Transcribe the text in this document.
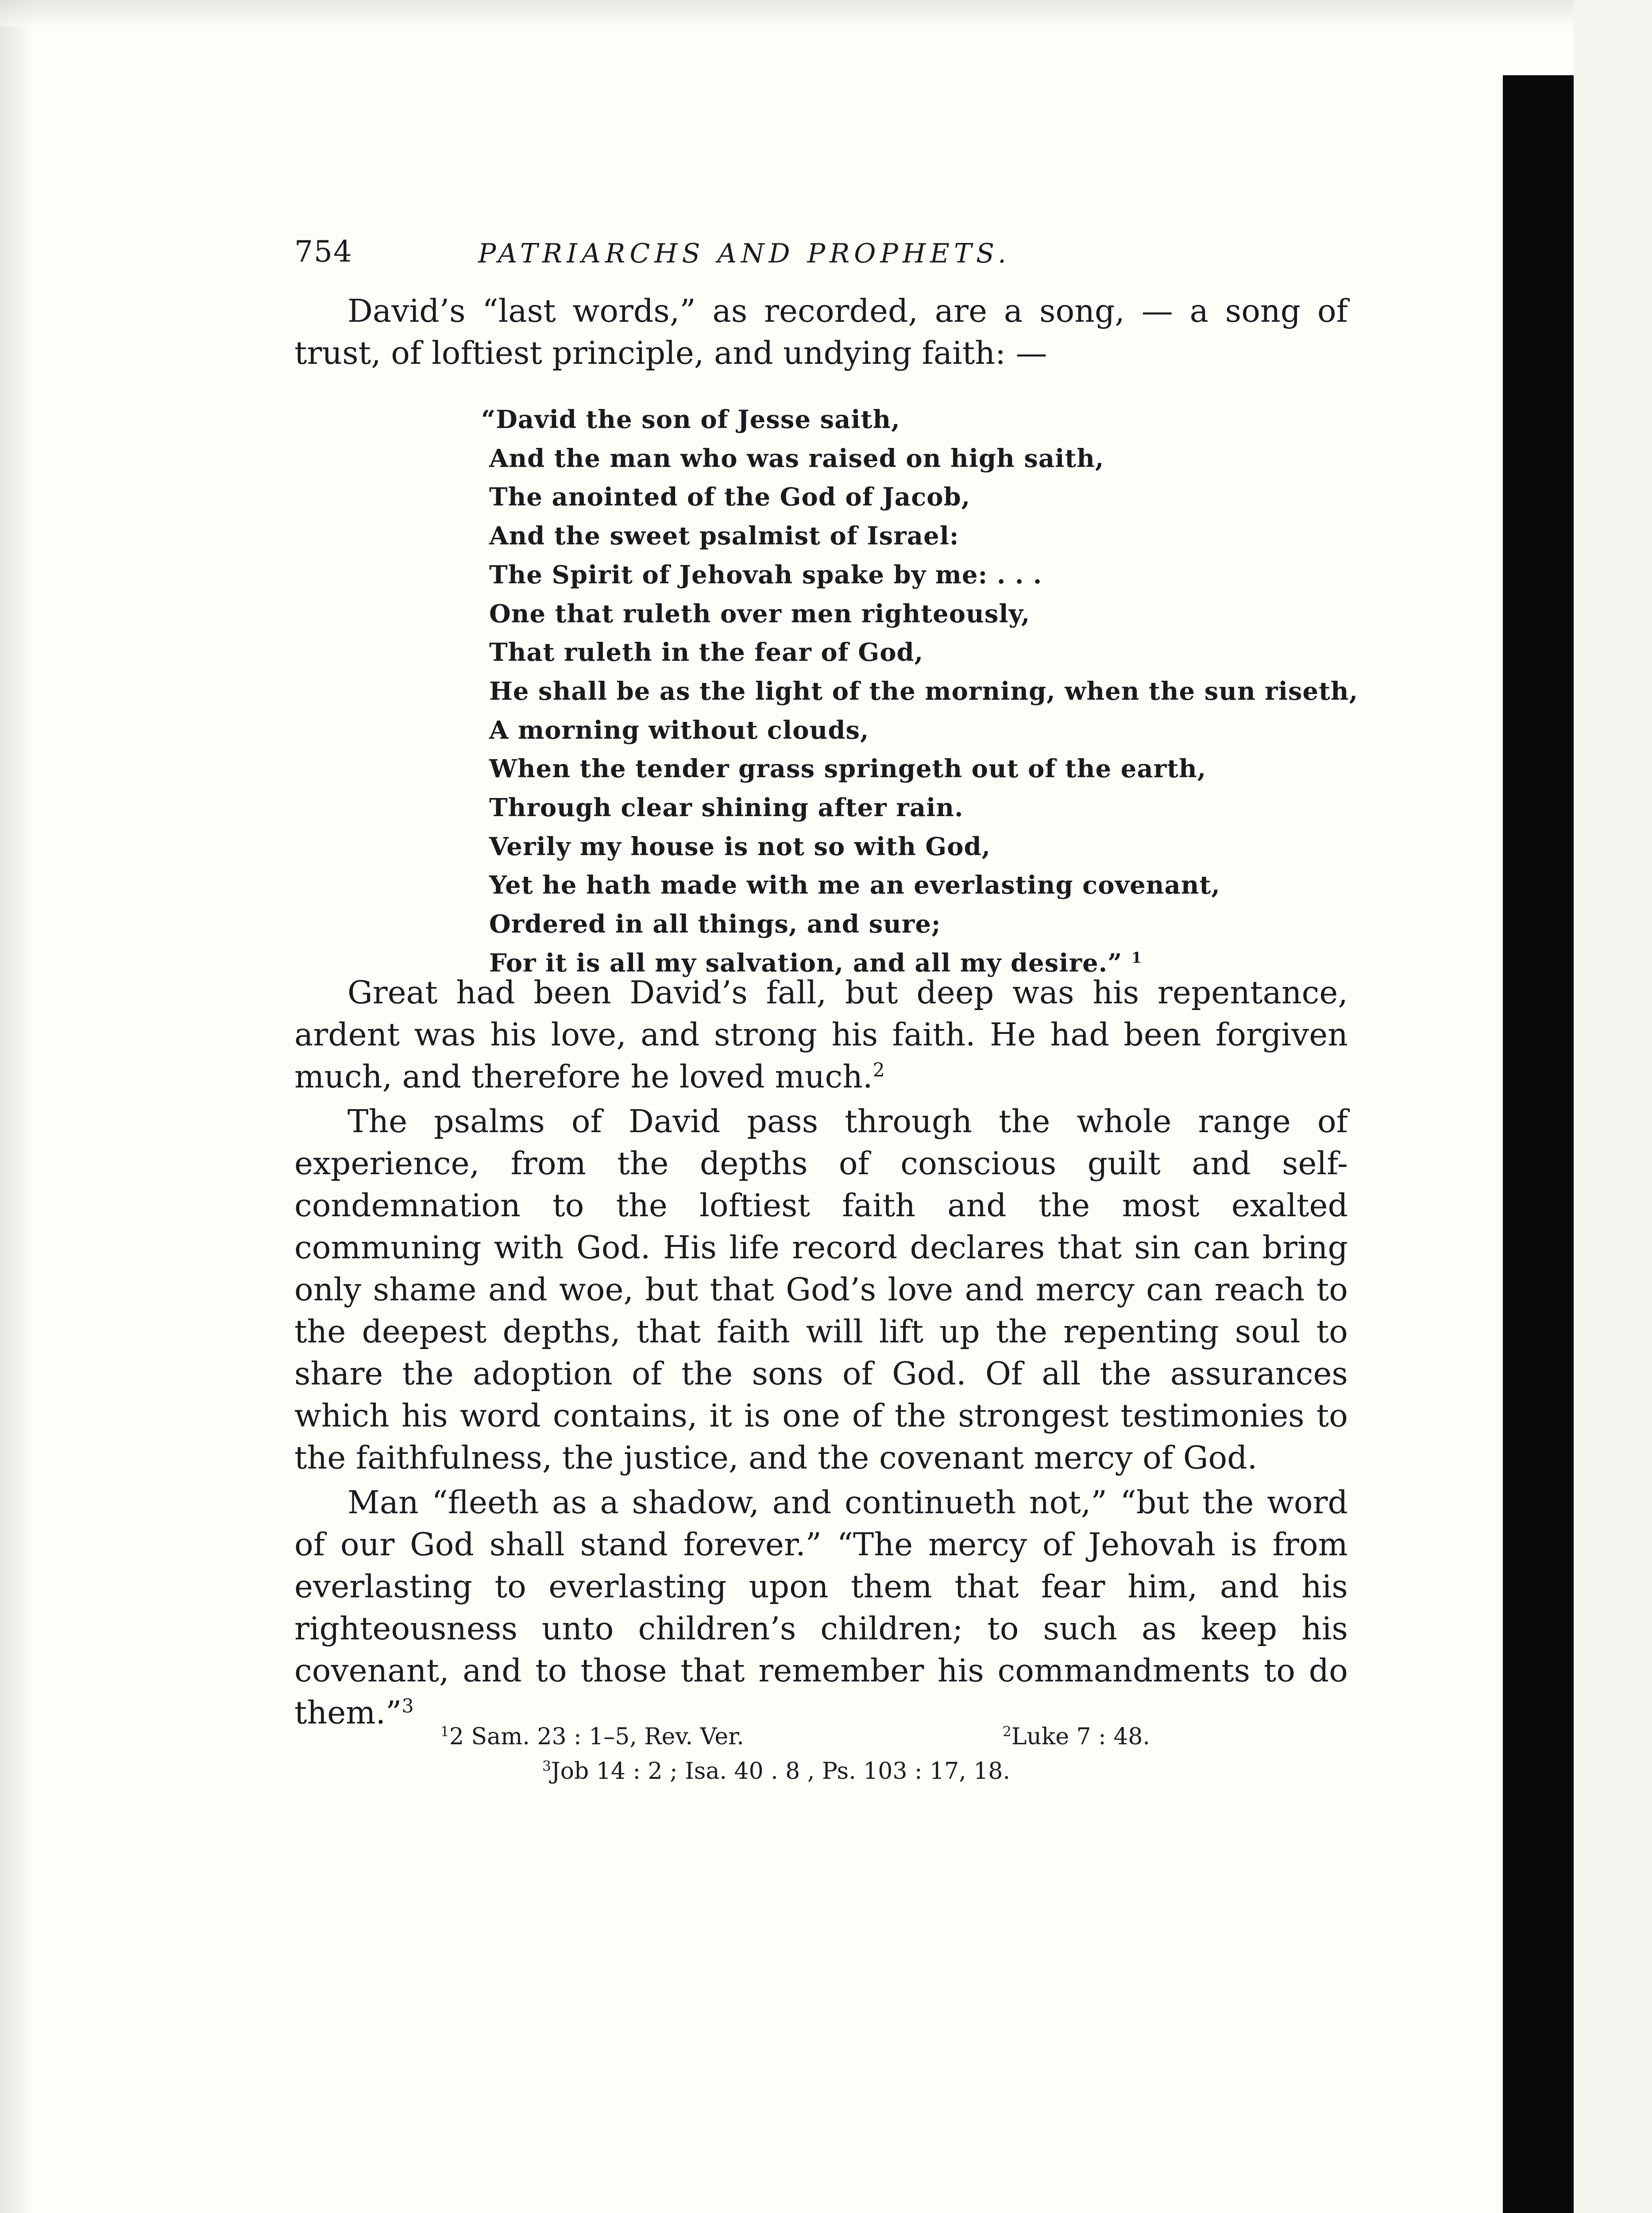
754	PATRIARCHS AND PROPHETS.

David’s “last words,” as recorded, are a song, — a song of trust, of loftiest principle, and undying faith: —

“David the son of Jesse saith,
And the man who was raised on high saith,
The anointed of the God of Jacob,
And the sweet psalmist of Israel:
The Spirit of Jehovah spake by me: . . .
One that ruleth over men righteously,
That ruleth in the fear of God,
He shall be as the light of the morning, when the sun riseth,
A morning without clouds,
When the tender grass springeth out of the earth,
Through clear shining after rain.
Verily my house is not so with God,
Yet he hath made with me an everlasting covenant,
Ordered in all things, and sure;
For it is all my salvation, and all my desire.” $^1$

Great had been David’s fall, but deep was his repentance, ardent was his love, and strong his faith. He had been forgiven much, and therefore he loved much.$^2$

The psalms of David pass through the whole range of experience, from the depths of conscious guilt and self-condemnation to the loftiest faith and the most exalted communing with God. His life record declares that sin can bring only shame and woe, but that God’s love and mercy can reach to the deepest depths, that faith will lift up the repenting soul to share the adoption of the sons of God. Of all the assurances which his word contains, it is one of the strongest testimonies to the faithfulness, the justice, and the covenant mercy of God.

Man “fleeth as a shadow, and continueth not,” “but the word of our God shall stand forever.” “The mercy of Jehovah is from everlasting to everlasting upon them that fear him, and his righteousness unto children’s children; to such as keep his covenant, and to those that remember his commandments to do them.”$^3$

$^1$2 Sam. 23 : 1–5, Rev. Ver.	$^2$Luke 7 : 48.
$^3$Job 14 : 2 ; Isa. 40 . 8 , Ps. 103 : 17, 18.
